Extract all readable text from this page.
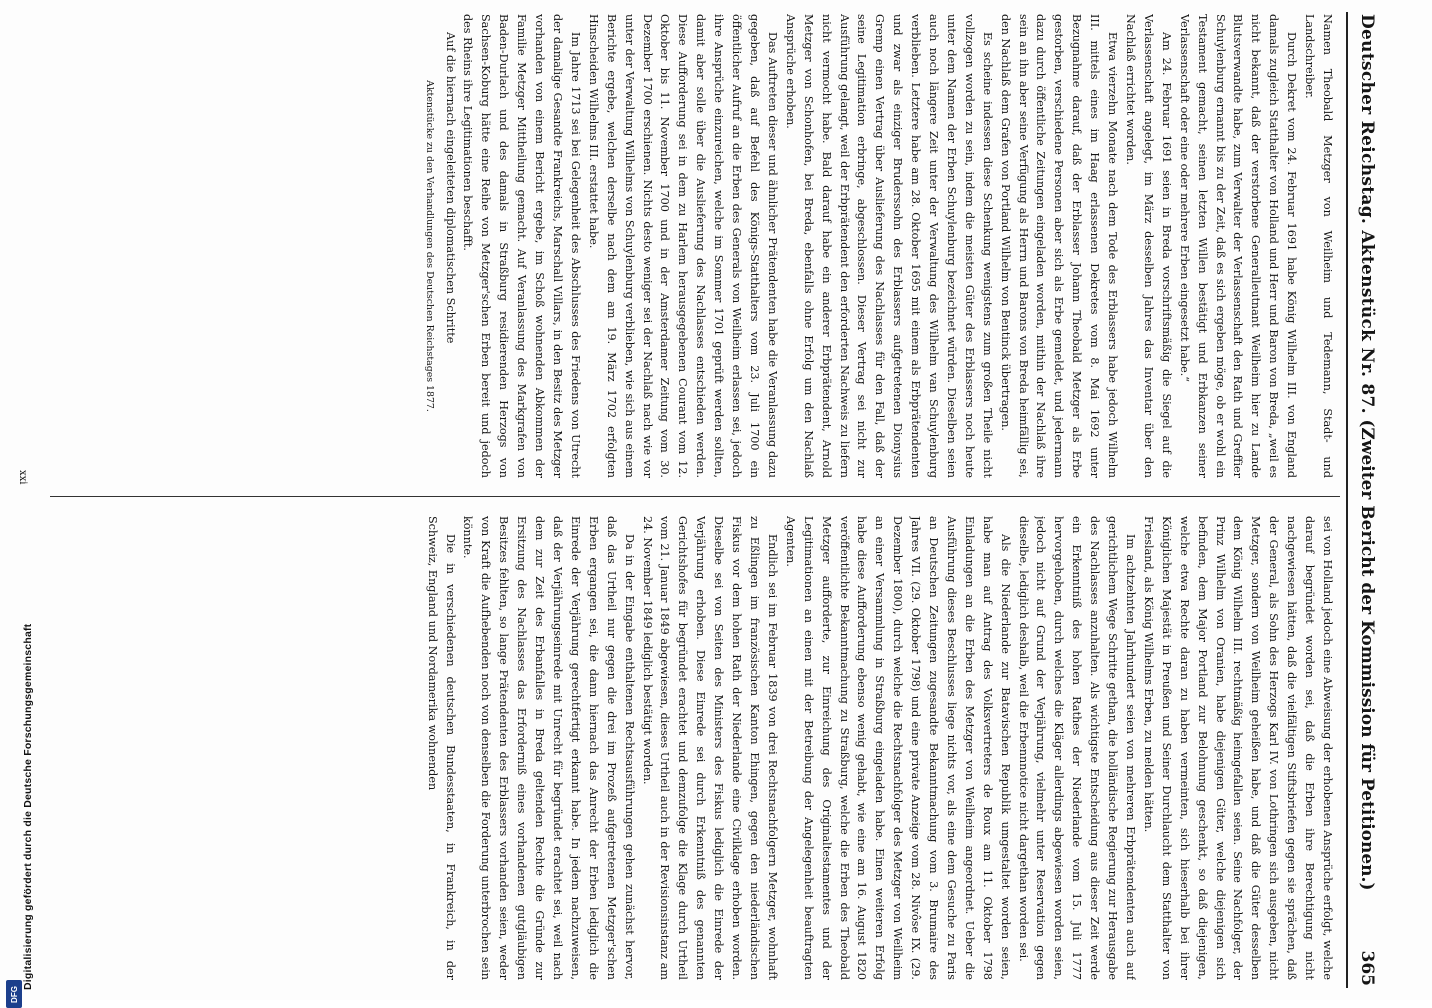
Digitalisierung gefördert durch die Deutsche Forschungsgemeinschaft
DFG
Deutscher Reichstag. Aktenstück Nr. 87.
(Zweiter Bericht der Kommission für Petitionen.)
365

Namen Theobald Metzger von Weilheim und Tedemann, Stadt- und Landschreiber.

Durch Dekret vom 24. Februar 1691 habe König Wilhelm III. von England damals zugleich Statthalter von Holland und Herr und Baron von Breda, „weil es nicht bekannt, daß der verstorbene Generalleutnant Weilheim hier zu Lande Blutsverwandte habe, zum Verwalter der Verlassenschaft den Rath und Greffier Schuylenburg ernannt bis zu der Zeit, daß es sich ergeben möge, ob er wohl ein Testament gemacht, seinen letzten Willen bestätigt und Erbkanzen seiner Verlassenschaft oder eine oder mehrere Erben eingesetzt habe.“

Am 24. Februar 1691 seien in Breda vorschriftsmäßig die Siegel auf die Verlassenschaft angelegt, im März desselben Jahres das Inventar über den Nachlaß errichtet worden.

Etwa vierzehn Monate nach dem Tode des Erblassers habe jedoch Wilhelm III. mittels eines im Haag erlassenen Dekretes vom 8. Mai 1692 unter Bezugnahme darauf, daß der Erblasser Johann Theobald Metzger als Erbe gestorben, verschiedene Personen aber sich als Erbe gemeldet, und jedermann dazu durch öffentliche Zeitungen eingeladen worden, mithin der Nachlaß ihre sein an ihn aber seine Verfügung als Herrn und Barons von Breda heimfällig sei, den Nachlaß dem Grafen von Portland Wilhelm von Bentinck übertragen.

Es scheine indessen diese Schenkung wenigstens zum großen Theile nicht vollzogen worden zu sein, indem die meisten Güter des Erblassers noch heute unter dem Namen der Erben Schuylenburg bezeichnet würden. Dieselben seien auch noch längere Zeit unter der Verwaltung des Wilhelm van Schuylenburg verblieben. Letztere habe am 28. Oktober 1695 mit einem als Erbprätendenten und zwar als einziger Bruderssohn des Erblassers aufgetretenen Dionysius Gremp einen Vertrag über Auslieferung des Nachlasses für den Fall, daß der seine Legitimation erbringe, abgeschlossen. Dieser Vertrag sei nicht zur Ausführung gelangt, weil der Erbprätendent den erforderten Nachweis zu liefern nicht vermocht habe. Bald darauf habe ein anderer Erbprätendent, Arnold Metzger von Schonhofen, bei Breda, ebenfalls ohne Erfolg um den Nachlaß Ansprüche erhoben.

Das Auftreten dieser und ähnlicher Prätendenten habe die Veranlassung dazu gegeben, daß auf Befehl des Königs-Statthalters vom 23. Juli 1700 ein öffentlicher Aufruf an die Erben des Generals von Weilheim erlassen sei, jedoch ihre Ansprüche einzureichen, welche im Sommer 1701 geprüft werden sollten, damit aber solle über die Auslieferung des Nachlasses entschieden werden. Diese Aufforderung sei in dem zu Harlem herausgegebenen Courant vom 12. Oktober bis 11. November 1700 und in der Amsterdamer Zeitung vom 30. Dezember 1700 erschienen. Nichts desto weniger sei der Nachlaß nach wie vor unter der Verwaltung Wilhelms von Schuylenburg verblieben, wie sich aus einem Berichte ergebe, welchen derselbe nach dem am 19. März 1702 erfolgten Hinscheiden Wilhelms III. erstattet habe.

Im Jahre 1713 sei bei Gelegenheit des Abschlusses des Friedens von Utrecht der damalige Gesandte Frankreichs, Marschall Villars, in den Besitz des Metzger vorhanden von einem Bericht ergebe, im Schoß wohnenden Abkommen der Familie Metzger Mittheilung gemacht. Auf Veranlassung des Markgrafen von Baden-Durlach und des damals in Straßburg residierenden Herzogs von Sachsen-Koburg hätte eine Reihe von Metzger'schen Erben bereit und jedoch des Rheins ihre Legitimationen beschafft.

Auf die hiernach eingeleiteten diplomatischen Schritte

Aktenstücke zu den Verhandlungen des Deutschen Reichstages 1877.

sei von Holland jedoch eine Abweisung der erhobenen Ansprüche erfolgt, welche darauf begründet worden sei, daß die Erben ihre Berechtigung nicht nachgewiesen hätten, daß die vielfältigen Stiftsbriefen gegen sie sprächen, daß der General, als Sohn des Herzogs Karl IV. von Lothringen sich ausgeben, nicht Metzger, sondern von Weilheim geheißen habe, und daß die Güter desselben dem König Wilhelm III. rechtmäßig heimgefallen seien. Seine Nachfolger, der Prinz Wilhelm von Oranien, habe diejenigen Güter, welche diejenigen sich befinden, dem Major Portland zur Belohnung geschenkt, so daß diejenigen, welche etwa Rechte daran zu haben vermeinten, sich hieserhalb bei ihrer Königlichen Majestät in Preußen und Seiner Durchlaucht dem Statthalter von Friesland, als König Wilhelms Erben, zu melden hätten.

Im achtzehnten Jahrhundert seien von mehreren Erbprätendenten auch auf gerichtlichem Wege Schritte gethan, die holländische Regierung zur Herausgabe des Nachlasses anzuhalten. Als wichtigste Entscheidung aus dieser Zeit werde ein Erkenntniß des hohen Rathes der Niederlande vom 15. Juli 1777 hervorgehoben, durch welches die Kläger allerdings abgewiesen worden seien, jedoch nicht auf Grund der Verjährung, vielmehr unter Reservation gegen dieselbe, lediglich deshalb, weil die Erbennnotice nicht dargethan worden sei.

Als die Niederlande zur Batavischen Republik umgestaltet worden seien, habe man auf Antrag des Volksvertreters de Roux am 11. Oktober 1798 Einladungen an die Erben des Metzger von Weilheim angeordnet. Ueber die Ausführung dieses Beschlusses liege nichts vor, als eine dem Gesuche zu Paris an Deutschen Zeitungen zugesandte Bekanntmachung vom 3. Brumaire des Jahres VII. (29. Oktober 1798) und eine private Anzeige vom 28. Nivôse IX. (29. Dezember 1800), durch welche die Rechtsnachfolger des Metzger von Weilheim an einer Versammlung in Straßburg eingeladen habe. Einen weiteren Erfolg habe diese Aufforderung ebenso wenig gehabt, wie eine am 16. August 1820 veröffentlichte Bekanntmachung zu Straßburg, welche die Erben des Theobald Metzger aufforderte, zur Einreichung des Originaltestamentes und der Legitimationen an einen mit der Betreibung der Angelegenheit beauftragten Agenten.

Endlich sei im Februar 1839 von drei Rechtsnachfolgern Metzger, wohnhaft zu Eßlingen im französischen Kanton Ehingen, gegen den niederländischen Fiskus vor dem hohen Rath der Niederlande eine Civilklage erhoben worden. Dieselbe sei von Seiten des Ministers des Fiskus lediglich die Einrede der Verjährung erhoben. Diese Einrede sei durch Erkenntniß des genannten Gerichtshofes für begründet erachtet und demzufolge die Klage durch Urtheil vom 21. Januar 1849 abgewiesen, dieses Urtheil auch in der Revisionsinstanz am 24. November 1849 lediglich bestätigt worden.

Da in der Eingabe enthaltenen Rechtsausführungen gehen zunächst hervor, daß das Urtheil nur gegen die drei im Prozeß aufgetretenen Metzger'schen Erben ergangen sei, die dann hiernach das Anrecht der Erben lediglich die Einrede der Verjährung gerechtfertigt erkannt habe. In jedem nachzuweisen, daß der Verjährungseinrede mit Unrecht für begründet erachtet sei, weil nach dem zur Zeit des Erbanfalles in Breda geltenden Rechte die Gründe zur Ersitzung des Nachlasses das Erforderniß eines vorhandenen gutgläubigen Besitzes fehlten, so lange Prätendenten des Erblassers vorhanden seien, weder von Kraft die Aufhebenden noch von denselben die Forderung unterbrochen sein könnte.

Die in verschiedenen deutschen Bundesstaaten, in Frankreich, in der Schweiz, England und Nordamerika wohnenden

xxi
